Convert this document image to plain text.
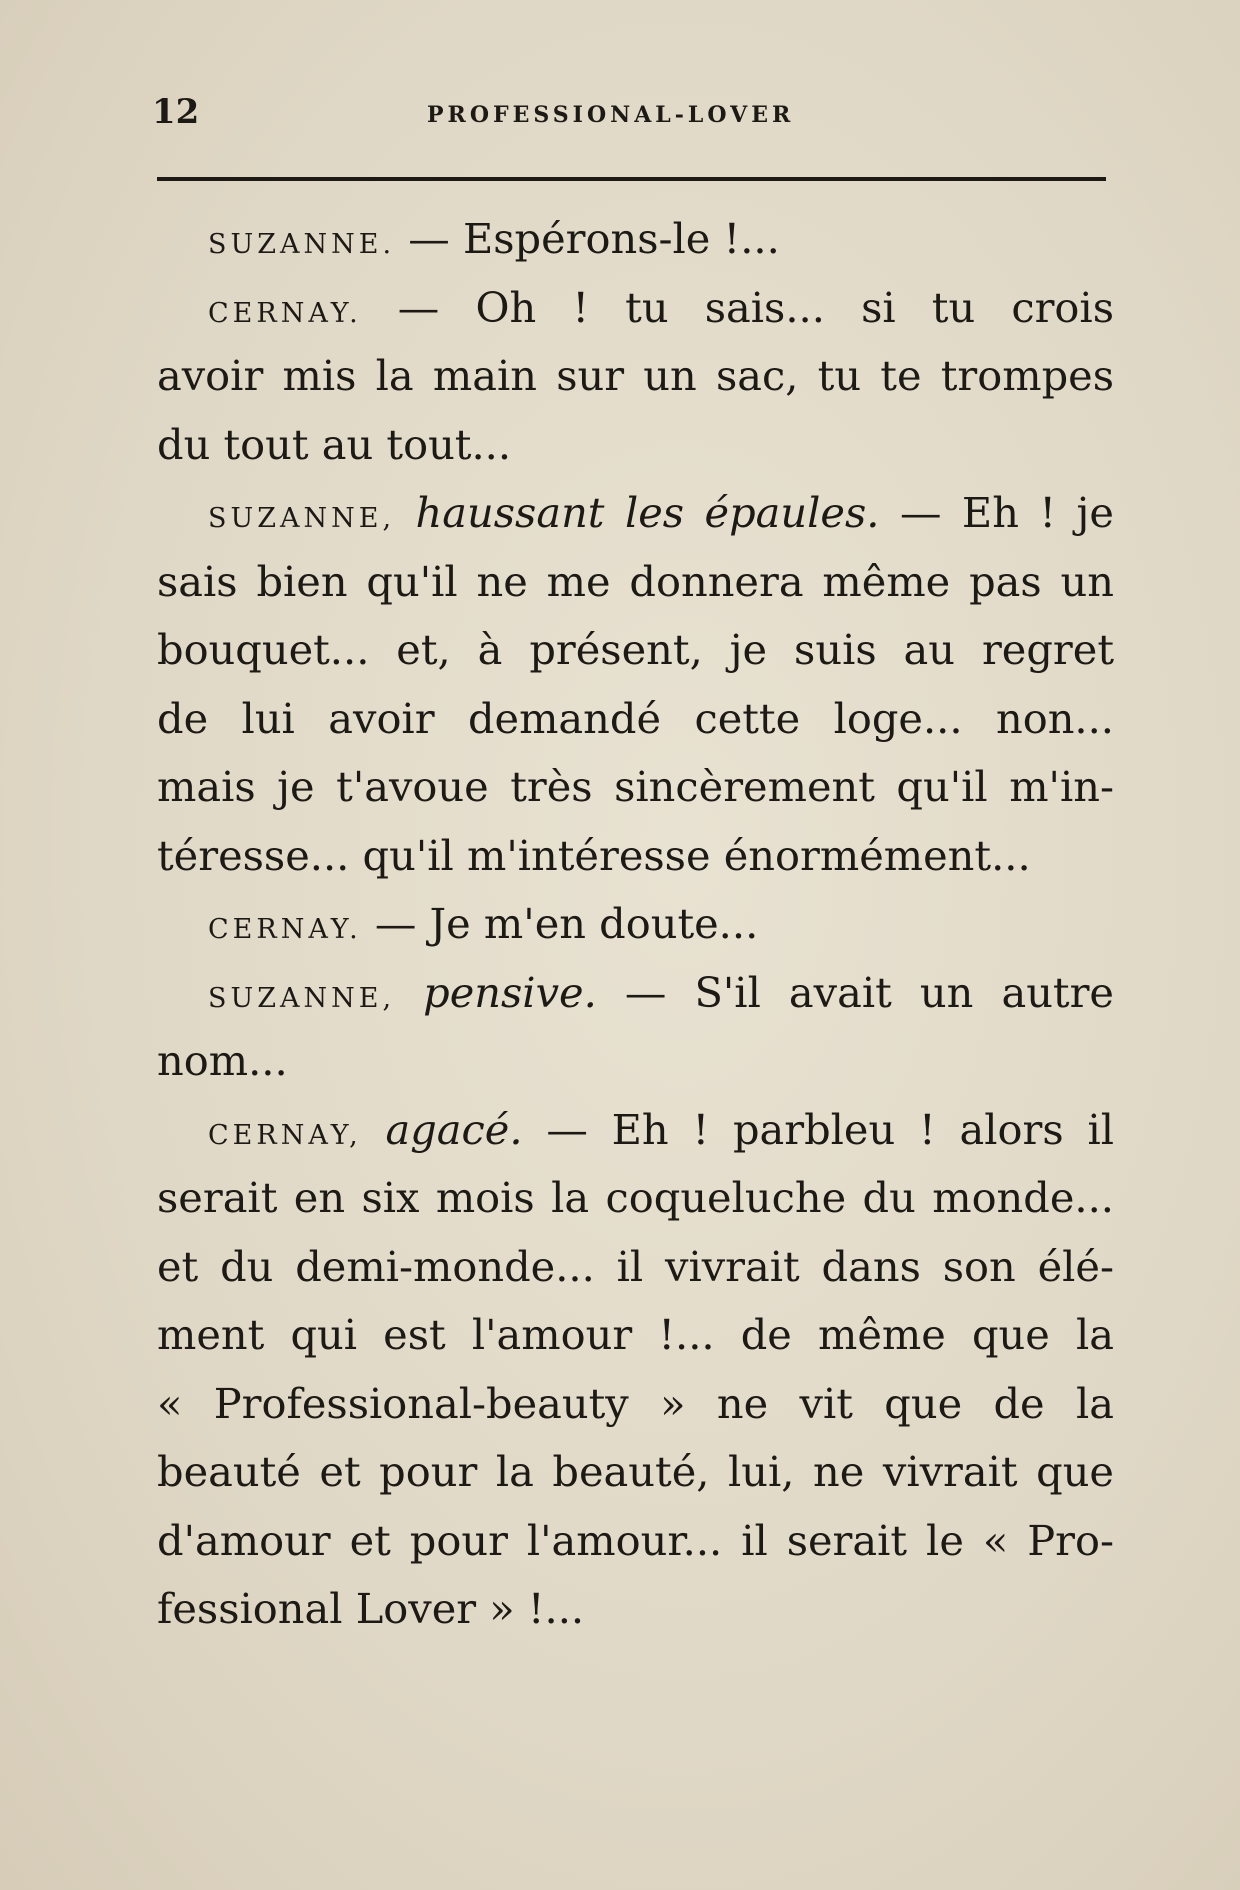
12	PROFESSIONAL-LOVER
SUZANNE. — Espérons-le !...
CERNAY. — Oh ! tu sais... si tu crois
avoir mis la main sur un sac, tu te trompes
du tout au tout...
SUZANNE, haussant les épaules. — Eh ! je
sais bien qu'il ne me donnera même pas un
bouquet... et, à présent, je suis au regret
de lui avoir demandé cette loge... non...
mais je t'avoue très sincèrement qu'il m'in-
téresse... qu'il m'intéresse énormément...
CERNAY. — Je m'en doute...
SUZANNE, pensive. — S'il avait un autre
nom...
CERNAY, agacé. — Eh ! parbleu ! alors il
serait en six mois la coqueluche du monde...
et du demi-monde... il vivrait dans son élé-
ment qui est l'amour !... de même que la
« Professional-beauty » ne vit que de la
beauté et pour la beauté, lui, ne vivrait que
d'amour et pour l'amour... il serait le « Pro-
fessional Lover » !...
